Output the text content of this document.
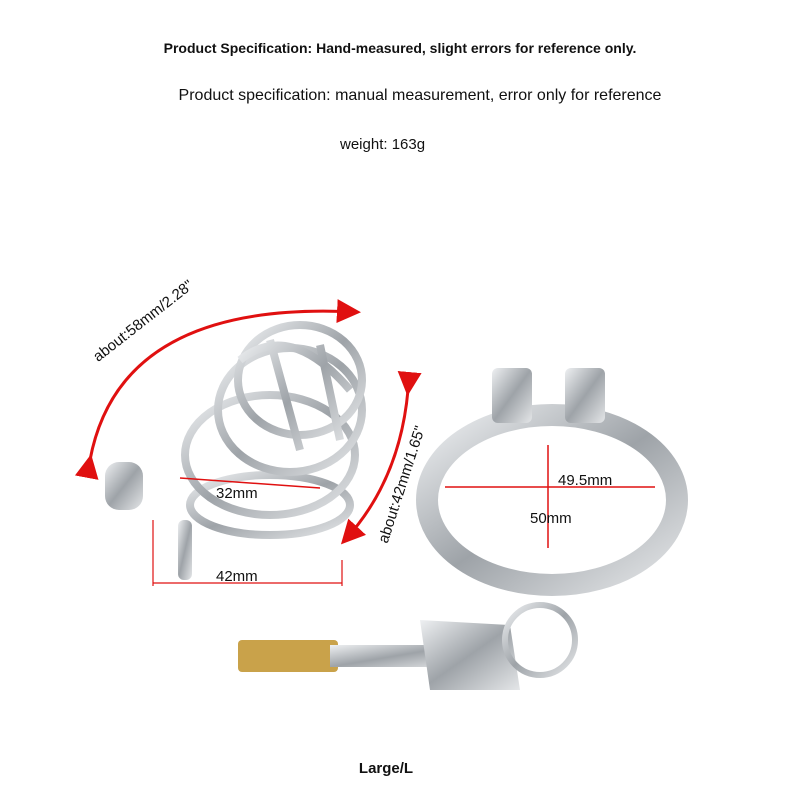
Product Specification: Hand-measured, slight errors for reference only.
Product specification: manual measurement, error only for reference
weight: 163g
about:58mm/2.28"
about:42mm/1.65"
32mm
42mm
49.5mm
50mm
Large/L
